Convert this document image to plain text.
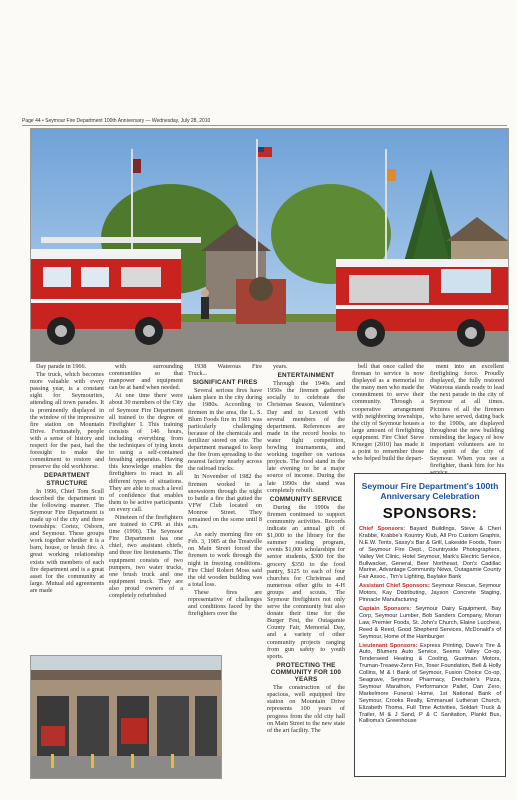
Page 44 • Seymour Fire Department 100th Anniversary — Wednesday, July 28, 2010

Day parade in 1966.

The truck, which becomes more valuable with every passing year, is a constant sight for Seymourites, attending all town parades. It is prominently displayed in the window of the impressive fire station on Mountain Drive. Fortunately, people with a sense of history and respect for the past, had the foresight to make the commitment to restore and preserve the old workhorse.

DEPARTMENT STRUCTURE

In 1996, Chief Tom Scull described the department in the following manner. The Seymour Fire Department is made up of the city and three townships: Cortez, Osborn, and Seymour. These groups work together whether it is a barn, house, or brush fire. A great working relationship exists with members of each fire department and is a great asset for the community at large. Mutual aid agreements are made

with surrounding communities so that manpower and equipment can be at hand when needed.

At one time there were about 30 members of the City of Seymour Fire Department all trained to the degree of Firefighter I. This training consists of 146 hours, including everything from the techniques of tying knots to using a self-contained breathing apparatus. Having this knowledge enables the firefighters to react in all different types of situations. They are able to reach a level of confidence that enables them to be active participants on every call.

Nineteen of the firefighters are trained to CPR at this time (1996). The Seymour Fire Department has one chief, two assistant chiefs, and three fire lieutenants. The equipment consists of two pumpers, two water trucks, one brush truck and one equipment truck. They are also proud owners of a completely refurbished

1938 Waterous Fire Truck...

SIGNIFICANT FIRES

Several serious fires have taken place in the city during the 1980s. According to firemen in the area, the L. S. Blum Foods fire in 1981 was particularly challenging because of the chemicals and fertilizer stored on site. The department managed to keep the fire from spreading to the nearest factory nearby across the railroad tracks.

In November of 1982 the firemen worked in a snowstorm through the night to battle a fire that gutted the VFW Club located on Monroe Street. They remained on the scene until 8 a.m.

An early morning fire on Feb. 3, 1985 at the Treatville on Main Street forced the firemen to work through the night in freezing conditions. Fire Chief Robert Moss said the old wooden building was a total loss.

These fires are representative of challenges and conditions faced by the firefighters over the

years.

ENTERTAINMENT

Through the 1940s and 1950s the firemen gathered socially to celebrate the Christmas Season, Valentine's Day and to Lexcott with several members of the department. References are made in the record books to water fight competition, bowling tournaments, and working together on various projects. The food stand in the late evening to be a major source of income. During the late 1990s the stand was completely rebuilt.

COMMUNITY SERVICE

During the 1990s the firemen continued to support community activities. Records indicate an annual gift of $1,000 to the library for the summer reading program, events $1,000 scholarships for senior students, $300 for the grocery $350 to the food pantry, $125 to each of four churches for Christmas and numerous other gifts to 4-H groups and scouts. The Seymour firefighters not only serve the community but also donate their time for the Burger Fest, the Outagamie County Fair, Memorial Day, and a variety of other community projects ranging from gun safety to youth sports.

PROTECTING THE COMMUNITY FOR 100 YEARS

The construction of the spacious, well equipped fire station on Mountain Drive represents 100 years of progress from the old city hall on Main Street to the new state of the art facility. The

bell that once called the fireman to service is now displayed as a memorial to the many men who made the commitment to serve their community. Through a cooperative arrangement with neighboring townships, the city of Seymour houses a large amount of firefighting equipment. Fire Chief Steve Krueger (2010) has made it a point to remember those who helped build the depart-

ment into an excellent firefighting force. Proudly displayed, the fully restored Waterous stands ready to lead the next parade in the city of Seymour at all times. Pictures of all the firemen who have served, dating back to the 1900s, are displayed throughout the new building reminding the legacy of how important volunteers are to the spirit of the city of Seymour. When you see a firefighter, thank him for his

Seymour Fire Department's 100th Anniversary Celebration
SPONSORS:

Chief Sponsors: Bayard Buildings, Steve & Cheri Krabbe, Krabbe's Kountry Klub, All Pro Custom Graphix, N.E.W. Tents, Sassy's Bar & Grill, Lakeside Foods, Town of Seymour Fire Dept., Countryside Photographers, Valley Vet Clinic, Hotel Seymour, Mark's Electric Service, Bullwacker, General, Beer Northeast, Don's Cadillac Marine, Advantage Community News, Outagamie County Fair Assoc., Tim's Lighting, Baylake Bank

Assistant Chief Sponsors: Seymour Rescue, Seymour Motors, Kay Distributing, Jayson Concrete Staging, Pinnacle Manufacturing

Captain Sponsors: Seymour Dairy Equipment, Bay Corp, Seymour Lumber, Bob Sanders Company, Moran Law, Premier Foods, St. John's Church, Elaine Lucchesi, Reed & Reed, Good Shepherd Services, McDonald's of Seymour, Home of the Hamburger

Lieutenant Sponsors: Express Printing, Dave's Tire & Auto, Blumers Auto Service, Seems Valley Co-op, Tenderseed Heating & Cooling, Gustman Motors, Truman-Treaew-Zenn Fin, Toser Foundation, Bell & Holly Collins, M & I Bank of Seymour, Fusion Choice Co-op, Seagrave, Seymour Pharmacy, Drechsler's Pizza, Seymour Marathon, Performance Pallet, Dan Zero, Markelmore Funeral Home, 1st National Bank of Seymour, Crooks Realty, Emmanuel Lutheran Church, Elizabeth Thoma, Full Time Activities, Soldart Truck & Trailer, M & J Sand, P & C Sanitation, Plankt Bus, Kallioma's Greenhouse
